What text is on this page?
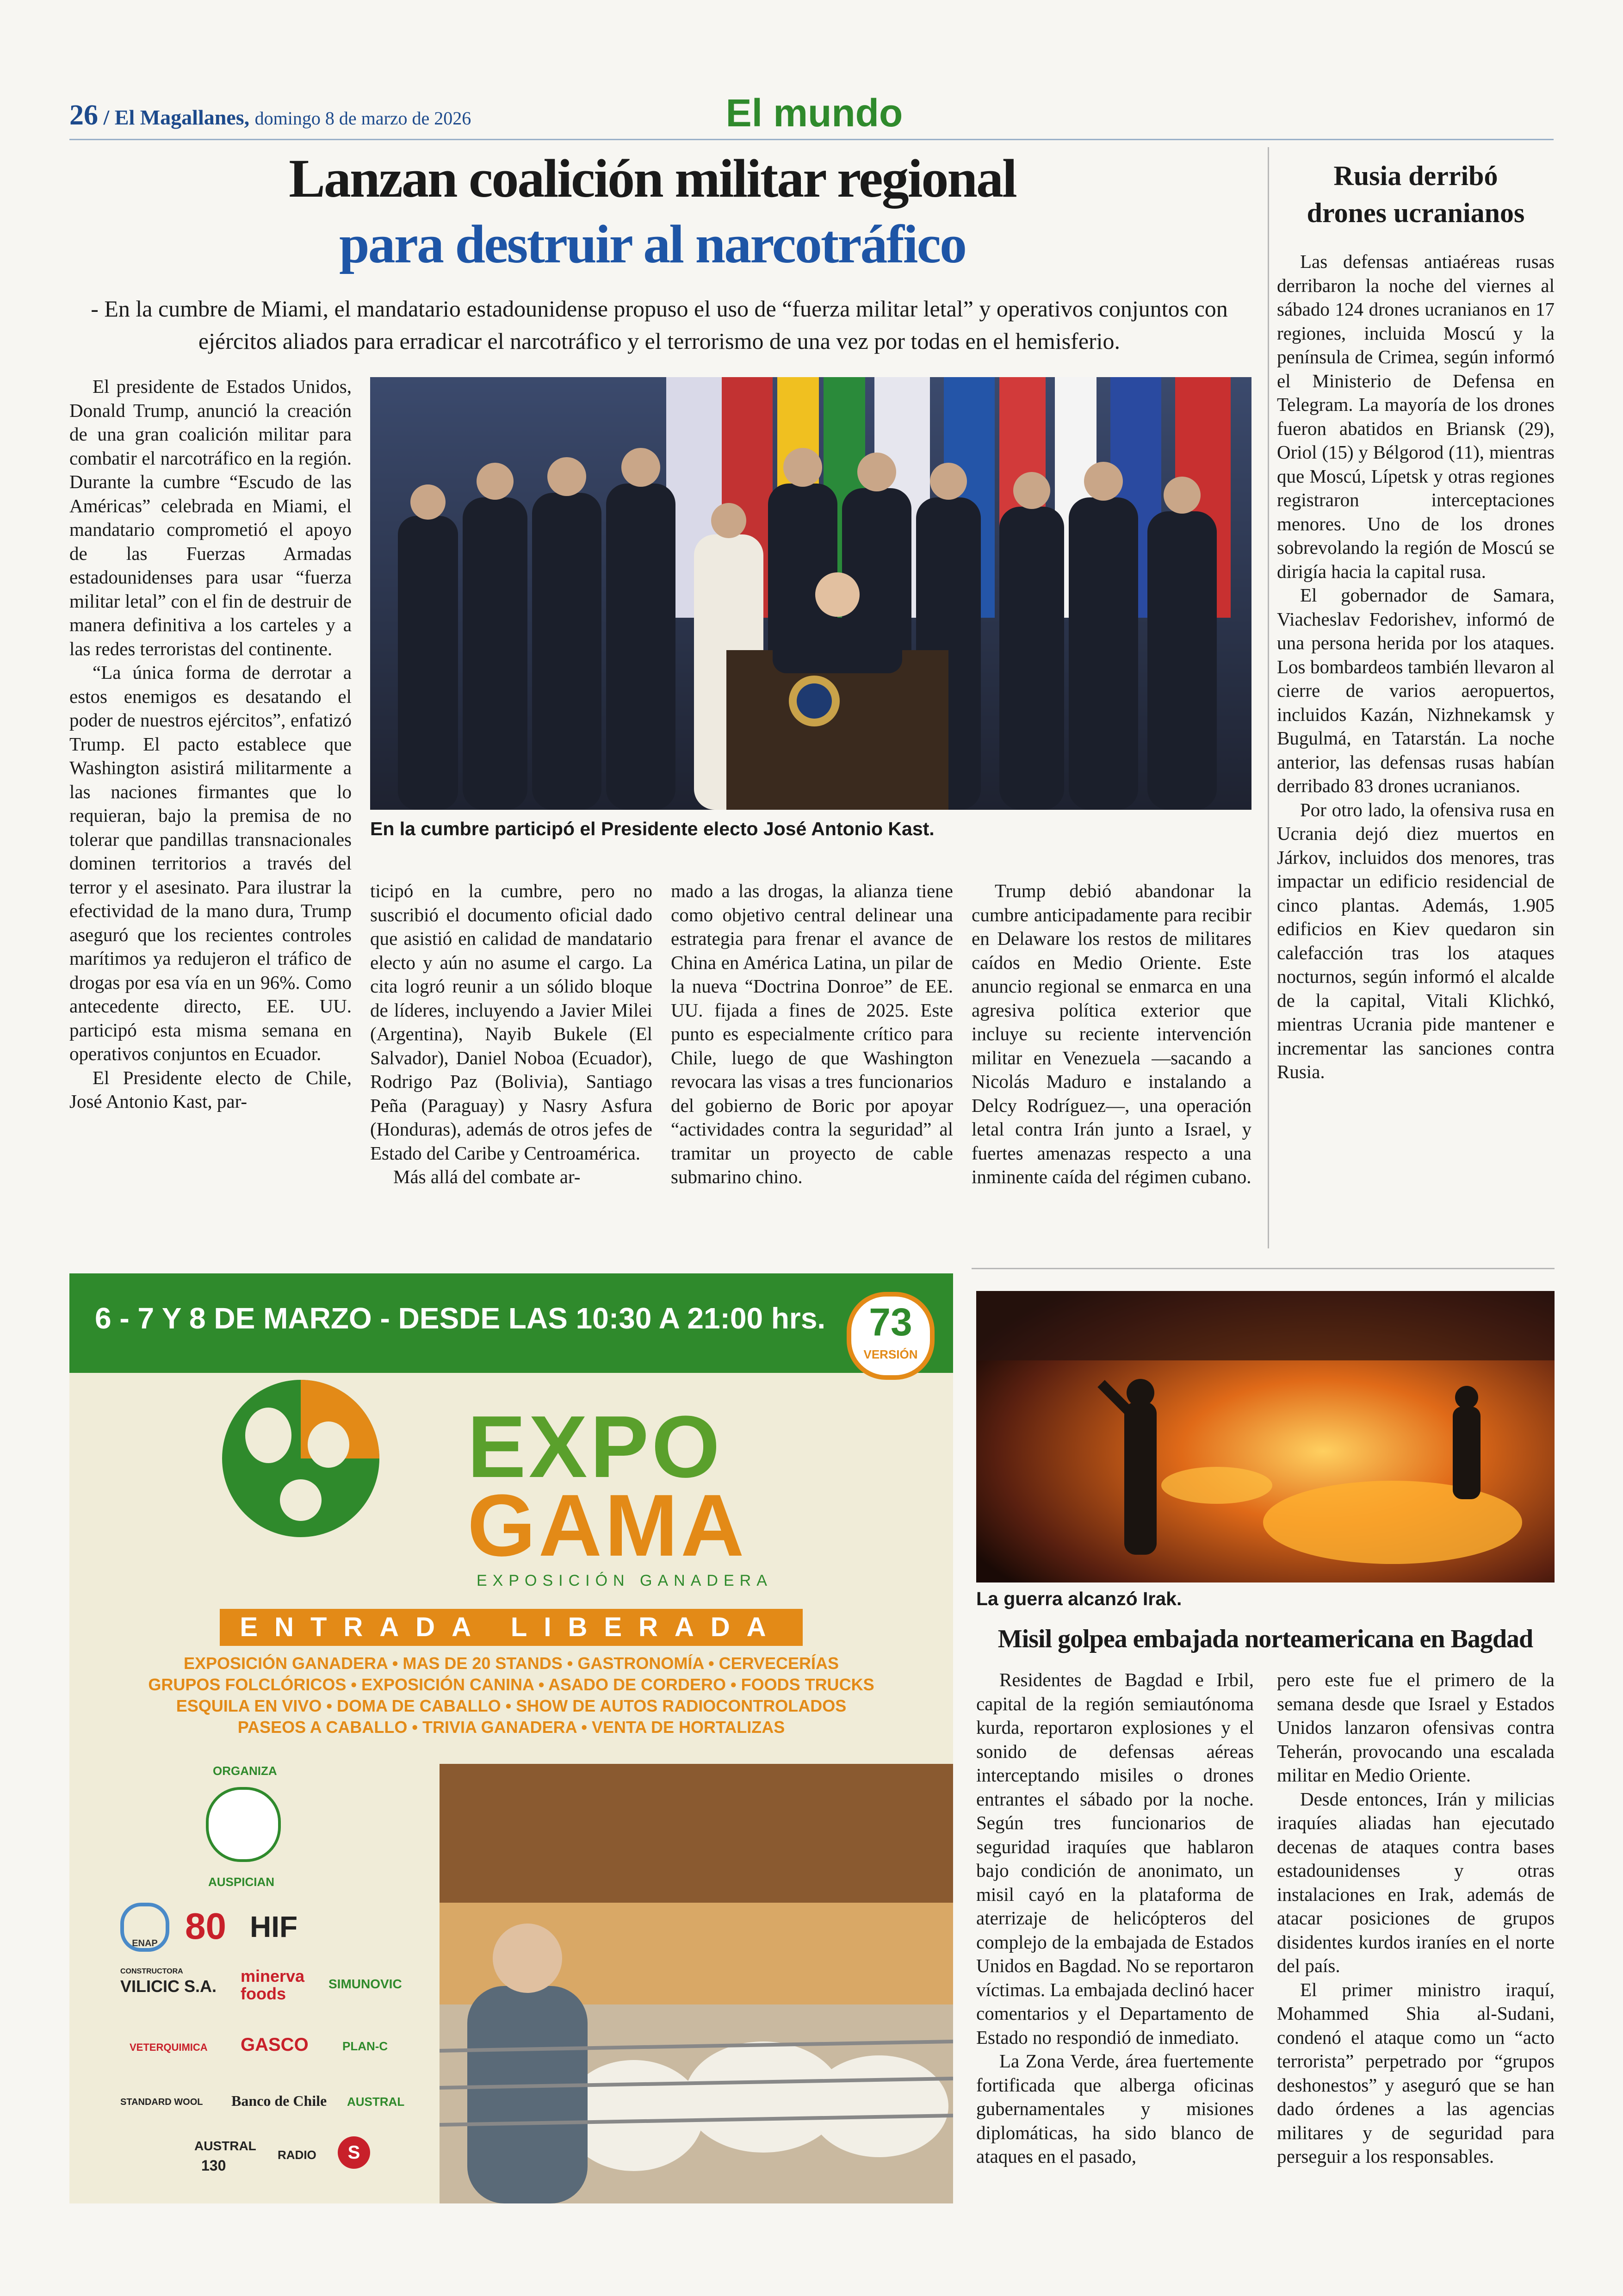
26 / El Magallanes, domingo 8 de marzo de 2026	El mundo
Lanzan coalición militar regional
para destruir al narcotráfico
- En la cumbre de Miami, el mandatario estadounidense propuso el uso de “fuerza militar letal” y operativos conjuntos con ejércitos aliados para erradicar el narcotráfico y el terrorismo de una vez por todas en el hemisferio.

El presidente de Estados Unidos, Donald Trump, anunció la creación de una gran coalición militar para combatir el narcotráfico en la región. Durante la cumbre “Escudo de las Américas” celebrada en Miami, el mandatario comprometió el apoyo de las Fuerzas Armadas estadounidenses para usar “fuerza militar letal” con el fin de destruir de manera definitiva a los carteles y a las redes terroristas del continente.

“La única forma de derrotar a estos enemigos es desatando el poder de nuestros ejércitos”, enfatizó Trump. El pacto establece que Washington asistirá militarmente a las naciones firmantes que lo requieran, bajo la premisa de no tolerar que pandillas transnacionales dominen territorios a través del terror y el asesinato. Para ilustrar la efectividad de la mano dura, Trump aseguró que los recientes controles marítimos ya redujeron el tráfico de drogas por esa vía en un 96%. Como antecedente directo, EE. UU. participó esta misma semana en operativos conjuntos en Ecuador.

El Presidente electo de Chile, José Antonio Kast, par-

En la cumbre participó el Presidente electo José Antonio Kast.

ticipó en la cumbre, pero no suscribió el documento oficial dado que asistió en calidad de mandatario electo y aún no asume el cargo. La cita logró reunir a un sólido bloque de líderes, incluyendo a Javier Milei (Argentina), Nayib Bukele (El Salvador), Daniel Noboa (Ecuador), Rodrigo Paz (Bolivia), Santiago Peña (Paraguay) y Nasry Asfura (Honduras), además de otros jefes de Estado del Caribe y Centroamérica.

Más allá del combate ar-

mado a las drogas, la alianza tiene como objetivo central delinear una estrategia para frenar el avance de China en América Latina, un pilar de la nueva “Doctrina Donroe” de EE. UU. fijada a fines de 2025. Este punto es especialmente crítico para Chile, luego de que Washington revocara las visas a tres funcionarios del gobierno de Boric por apoyar “actividades contra la seguridad” al tramitar un proyecto de cable submarino chino.

Trump debió abandonar la cumbre anticipadamente para recibir en Delaware los restos de militares caídos en Medio Oriente. Este anuncio regional se enmarca en una agresiva política exterior que incluye su reciente intervención militar en Venezuela —sacando a Nicolás Maduro e instalando a Delcy Rodríguez—, una operación letal contra Irán junto a Israel, y fuertes amenazas respecto a una inminente caída del régimen cubano.

Rusia derribó
drones ucranianos

Las defensas antiaéreas rusas derribaron la noche del viernes al sábado 124 drones ucranianos en 17 regiones, incluida Moscú y la península de Crimea, según informó el Ministerio de Defensa en Telegram. La mayoría de los drones fueron abatidos en Briansk (29), Oriol (15) y Bélgorod (11), mientras que Moscú, Lípetsk y otras regiones registraron interceptaciones menores. Uno de los drones sobrevolando la región de Moscú se dirigía hacia la capital rusa.

El gobernador de Samara, Viacheslav Fedorishev, informó de una persona herida por los ataques. Los bombardeos también llevaron al cierre de varios aeropuertos, incluidos Kazán, Nizhnekamsk y Bugulmá, en Tatarstán. La noche anterior, las defensas rusas habían derribado 83 drones ucranianos.

Por otro lado, la ofensiva rusa en Ucrania dejó diez muertos en Járkov, incluidos dos menores, tras impactar un edificio residencial de cinco plantas. Además, 1.905 edificios en Kiev quedaron sin calefacción tras los ataques nocturnos, según informó el alcalde de la capital, Vitali Klichkó, mientras Ucrania pide mantener e incrementar las sanciones contra Rusia.

6 - 7 Y 8 DE MARZO - DESDE LAS 10:30 A 21:00 hrs.	73
VERSIÓN
EXPO
GAMA
EXPOSICIÓN GANADERA
ENTRADA LIBERADA
EXPOSICIÓN GANADERA • MAS DE 20 STANDS • GASTRONOMÍA • CERVECERÍAS
GRUPOS FOLCLÓRICOS • EXPOSICIÓN CANINA • ASADO DE CORDERO • FOODS TRUCKS
ESQUILA EN VIVO • DOMA DE CABALLO • SHOW DE AUTOS RADIOCONTROLADOS
PASEOS A CABALLO • TRIVIA GANADERA • VENTA DE HORTALIZAS
ORGANIZA
AUSPICIAN
ENAP 80 HIF
CONSTRUCTORA
VILICIC S.A.
minerva foods
SIMUNOVIC
VETERQUIMICA GASCO	PLAN-C
STANDARD WOOL Banco de Chile AUSTRAL
AUSTRAL
130
RADIO	S
La guerra alcanzó Irak.
Misil golpea embajada norteamericana en Bagdad

Residentes de Bagdad e Irbil, capital de la región semiautónoma kurda, reportaron explosiones y el sonido de defensas aéreas interceptando misiles o drones entrantes el sábado por la noche. Según tres funcionarios de seguridad iraquíes que hablaron bajo condición de anonimato, un misil cayó en la plataforma de aterrizaje de helicópteros del complejo de la embajada de Estados Unidos en Bagdad. No se reportaron víctimas. La embajada declinó hacer comentarios y el Departamento de Estado no respondió de inmediato.

La Zona Verde, área fuertemente fortificada que alberga oficinas gubernamentales y misiones diplomáticas, ha sido blanco de ataques en el pasado,

pero este fue el primero de la semana desde que Israel y Estados Unidos lanzaron ofensivas contra Teherán, provocando una escalada militar en Medio Oriente.

Desde entonces, Irán y milicias iraquíes aliadas han ejecutado decenas de ataques contra bases estadounidenses y otras instalaciones en Irak, además de atacar posiciones de grupos disidentes kurdos iraníes en el norte del país.

El primer ministro iraquí, Mohammed Shia al-Sudani, condenó el ataque como un “acto terrorista” perpetrado por “grupos deshonestos” y aseguró que se han dado órdenes a las agencias militares y de seguridad para perseguir a los responsables.
